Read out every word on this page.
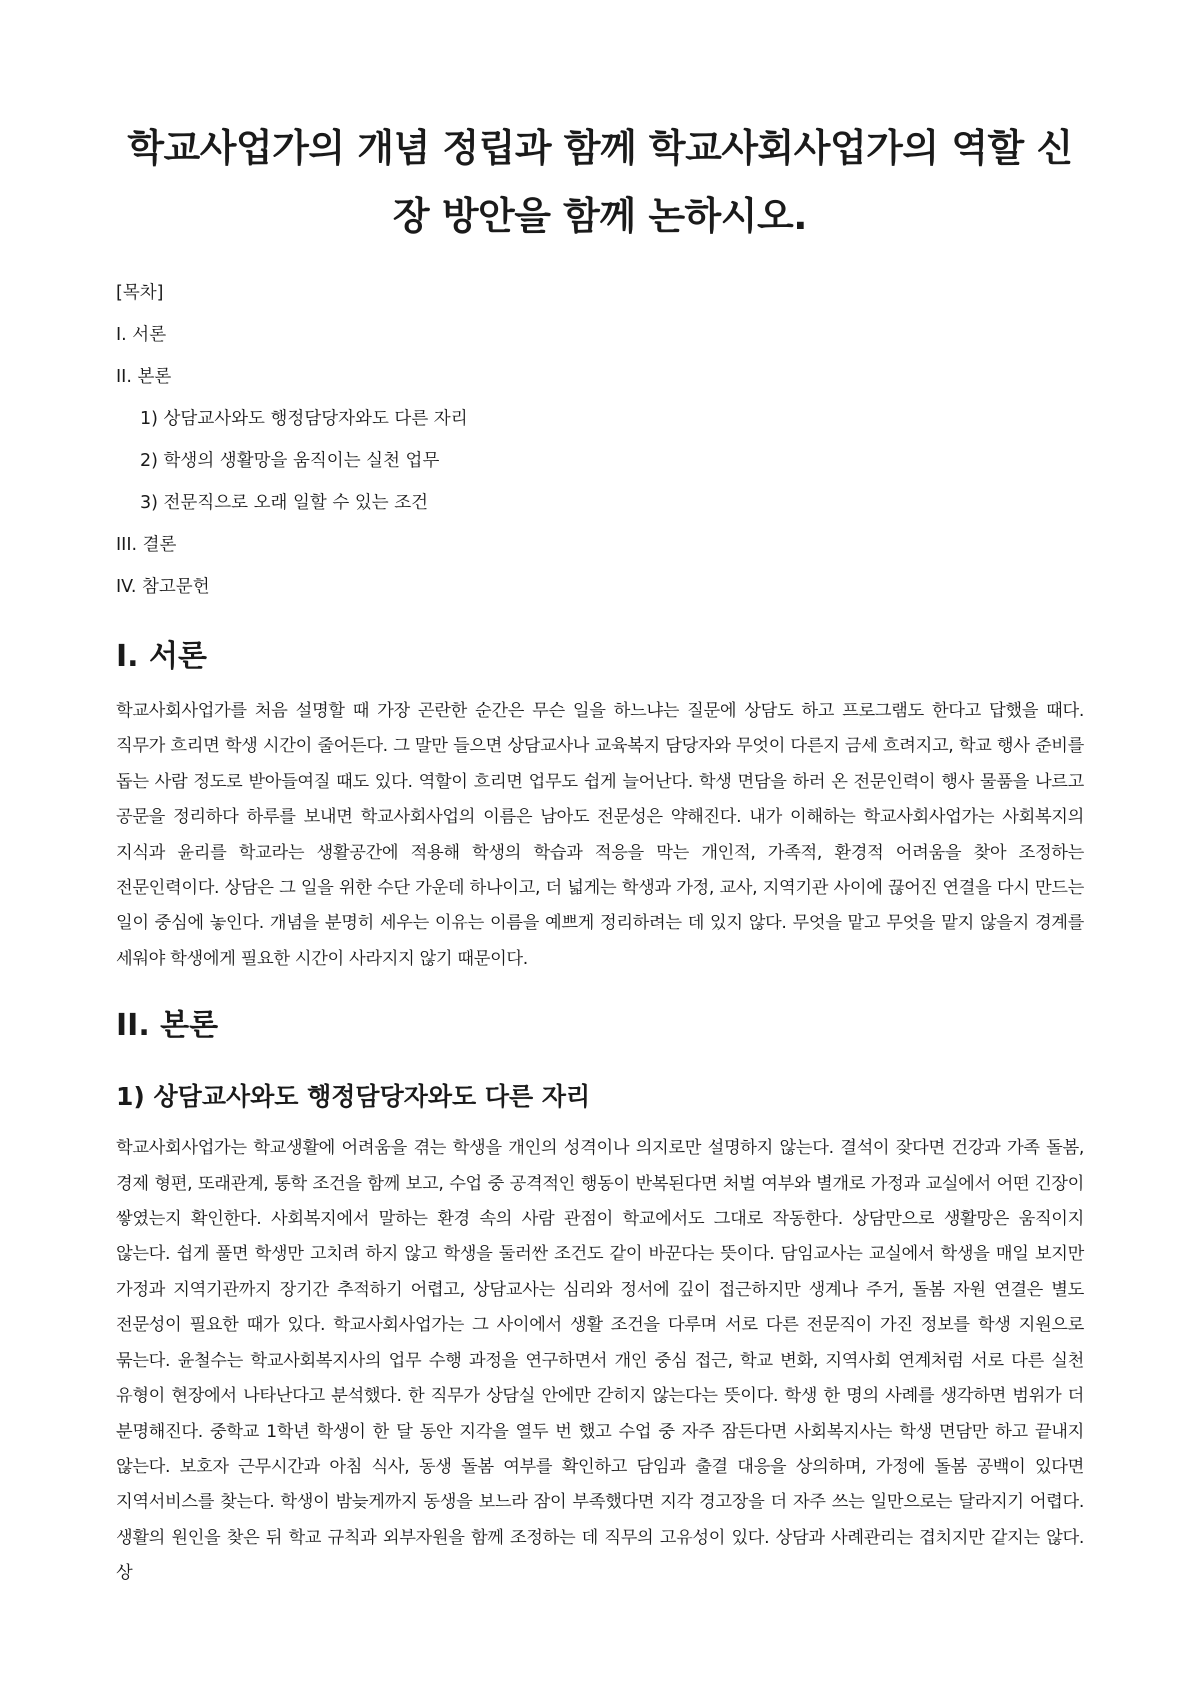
학교사업가의 개념 정립과 함께 학교사회사업가의 역할 신장 방안을 함께 논하시오.
[목차]
I. 서론
II. 본론
1) 상담교사와도 행정담당자와도 다른 자리
2) 학생의 생활망을 움직이는 실천 업무
3) 전문직으로 오래 일할 수 있는 조건
III. 결론
IV. 참고문헌
I. 서론

학교사회사업가를 처음 설명할 때 가장 곤란한 순간은 무슨 일을 하느냐는 질문에 상담도 하고 프로그램도 한다고 답했을 때다. 직무가 흐리면 학생 시간이 줄어든다. 그 말만 들으면 상담교사나 교육복지 담당자와 무엇이 다른지 금세 흐려지고, 학교 행사 준비를 돕는 사람 정도로 받아들여질 때도 있다. 역할이 흐리면 업무도 쉽게 늘어난다. 학생 면담을 하러 온 전문인력이 행사 물품을 나르고 공문을 정리하다 하루를 보내면 학교사회사업의 이름은 남아도 전문성은 약해진다. 내가 이해하는 학교사회사업가는 사회복지의 지식과 윤리를 학교라는 생활공간에 적용해 학생의 학습과 적응을 막는 개인적, 가족적, 환경적 어려움을 찾아 조정하는 전문인력이다. 상담은 그 일을 위한 수단 가운데 하나이고, 더 넓게는 학생과 가정, 교사, 지역기관 사이에 끊어진 연결을 다시 만드는 일이 중심에 놓인다. 개념을 분명히 세우는 이유는 이름을 예쁘게 정리하려는 데 있지 않다. 무엇을 맡고 무엇을 맡지 않을지 경계를 세워야 학생에게 필요한 시간이 사라지지 않기 때문이다.

II. 본론
1) 상담교사와도 행정담당자와도 다른 자리

학교사회사업가는 학교생활에 어려움을 겪는 학생을 개인의 성격이나 의지로만 설명하지 않는다. 결석이 잦다면 건강과 가족 돌봄, 경제 형편, 또래관계, 통학 조건을 함께 보고, 수업 중 공격적인 행동이 반복된다면 처벌 여부와 별개로 가정과 교실에서 어떤 긴장이 쌓였는지 확인한다. 사회복지에서 말하는 환경 속의 사람 관점이 학교에서도 그대로 작동한다. 상담만으로 생활망은 움직이지 않는다. 쉽게 풀면 학생만 고치려 하지 않고 학생을 둘러싼 조건도 같이 바꾼다는 뜻이다. 담임교사는 교실에서 학생을 매일 보지만 가정과 지역기관까지 장기간 추적하기 어렵고, 상담교사는 심리와 정서에 깊이 접근하지만 생계나 주거, 돌봄 자원 연결은 별도 전문성이 필요한 때가 있다. 학교사회사업가는 그 사이에서 생활 조건을 다루며 서로 다른 전문직이 가진 정보를 학생 지원으로 묶는다. 윤철수는 학교사회복지사의 업무 수행 과정을 연구하면서 개인 중심 접근, 학교 변화, 지역사회 연계처럼 서로 다른 실천 유형이 현장에서 나타난다고 분석했다. 한 직무가 상담실 안에만 갇히지 않는다는 뜻이다. 학생 한 명의 사례를 생각하면 범위가 더 분명해진다. 중학교 1학년 학생이 한 달 동안 지각을 열두 번 했고 수업 중 자주 잠든다면 사회복지사는 학생 면담만 하고 끝내지 않는다. 보호자 근무시간과 아침 식사, 동생 돌봄 여부를 확인하고 담임과 출결 대응을 상의하며, 가정에 돌봄 공백이 있다면 지역서비스를 찾는다. 학생이 밤늦게까지 동생을 보느라 잠이 부족했다면 지각 경고장을 더 자주 쓰는 일만으로는 달라지기 어렵다. 생활의 원인을 찾은 뒤 학교 규칙과 외부자원을 함께 조정하는 데 직무의 고유성이 있다. 상담과 사례관리는 겹치지만 같지는 않다. 상
